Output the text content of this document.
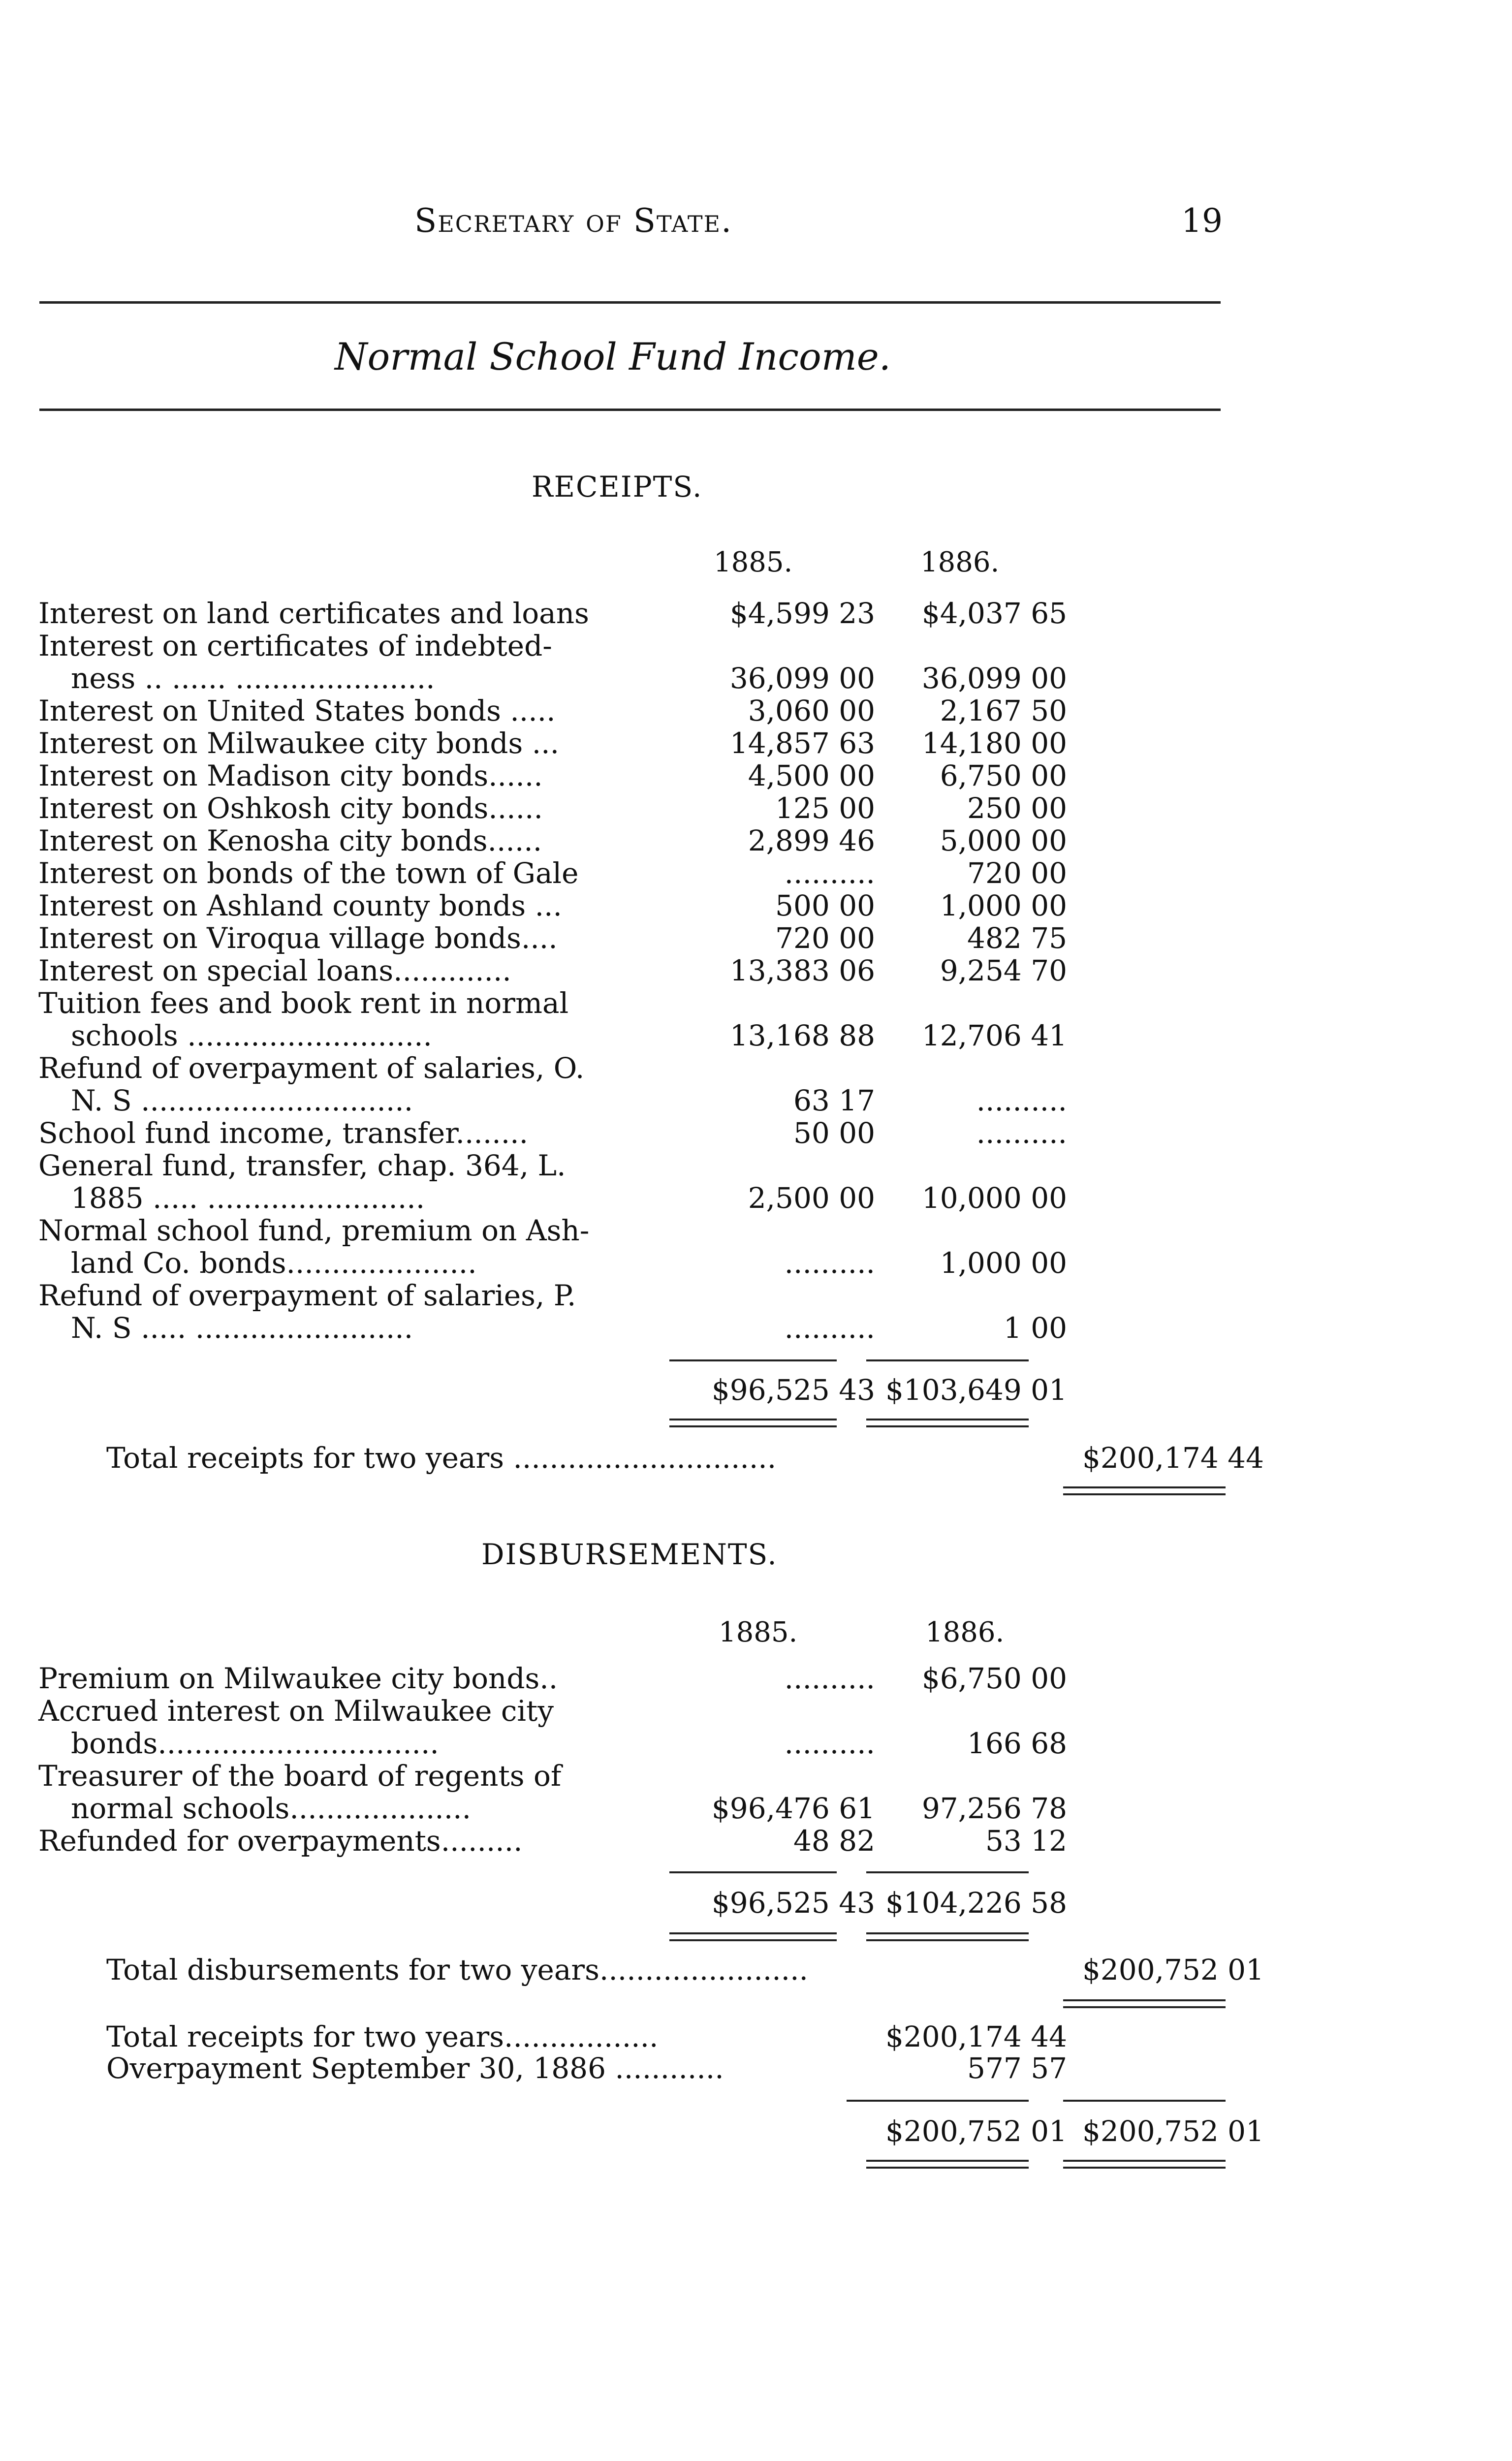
Secretary of State.	19
Normal School Fund Income.
RECEIPTS.
1885.	1886.
Interest on land certificates and loans	$4,599 23	$4,037 65
Interest on certificates of indebted-
ness .. ...... ......................	36,099 00	36,099 00
Interest on United States bonds .....	3,060 00	2,167 50
Interest on Milwaukee city bonds ...	14,857 63	14,180 00
Interest on Madison city bonds......	4,500 00	6,750 00
Interest on Oshkosh city bonds......	125 00	250 00
Interest on Kenosha city bonds......	2,899 46	5,000 00
Interest on bonds of the town of Gale	..........	720 00
Interest on Ashland county bonds ...	500 00	1,000 00
Interest on Viroqua village bonds....	720 00	482 75
Interest on special loans.............	13,383 06	9,254 70
Tuition fees and book rent in normal
schools ...........................	13,168 88	12,706 41
Refund of overpayment of salaries, O.
N. S ..............................	63 17	..........
School fund income, transfer........	50 00	..........
General fund, transfer, chap. 364, L.
1885 ..... ........................	2,500 00	10,000 00
Normal school fund, premium on Ash-
land Co. bonds.....................	..........	1,000 00
Refund of overpayment of salaries, P.
N. S ..... ........................	..........	1 00
$96,525 43 $103,649 01
Total receipts for two years .............................	$200,174 44
DISBURSEMENTS.
1885.	1886.
Premium on Milwaukee city bonds..	..........	$6,750 00
Accrued interest on Milwaukee city
bonds...............................	..........	166 68
Treasurer of the board of regents of
normal schools....................	$96,476 61	97,256 78
Refunded for overpayments.........	48 82	53 12
$96,525 43 $104,226 58
Total disbursements for two years.......................	$200,752 01
Total receipts for two years.................	$200,174 44
Overpayment September 30, 1886 ............	577 57
$200,752 01 $200,752 01
